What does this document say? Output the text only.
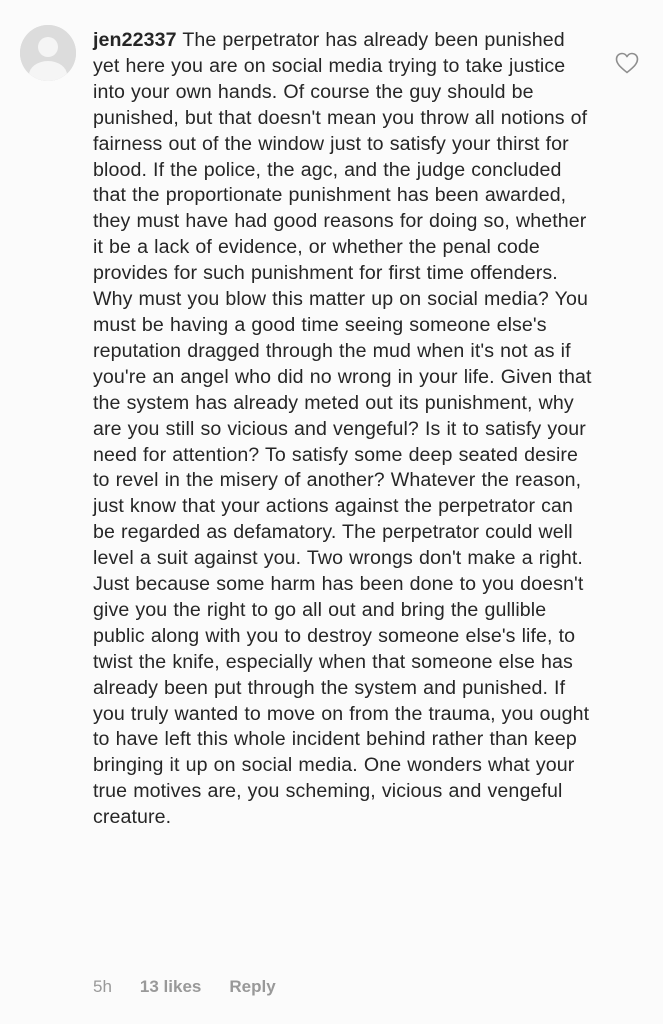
jen22337 The perpetrator has already been punished yet here you are on social media trying to take justice into your own hands. Of course the guy should be punished, but that doesn't mean you throw all notions of fairness out of the window just to satisfy your thirst for blood. If the police, the agc, and the judge concluded that the proportionate punishment has been awarded, they must have had good reasons for doing so, whether it be a lack of evidence, or whether the penal code provides for such punishment for first time offenders. Why must you blow this matter up on social media? You must be having a good time seeing someone else's reputation dragged through the mud when it's not as if you're an angel who did no wrong in your life. Given that the system has already meted out its punishment, why are you still so vicious and vengeful? Is it to satisfy your need for attention? To satisfy some deep seated desire to revel in the misery of another? Whatever the reason, just know that your actions against the perpetrator can be regarded as defamatory. The perpetrator could well level a suit against you. Two wrongs don't make a right. Just because some harm has been done to you doesn't give you the right to go all out and bring the gullible public along with you to destroy someone else's life, to twist the knife, especially when that someone else has already been put through the system and punished. If you truly wanted to move on from the trauma, you ought to have left this whole incident behind rather than keep bringing it up on social media. One wonders what your true motives are, you scheming, vicious and vengeful creature.
5h 13 likes Reply
